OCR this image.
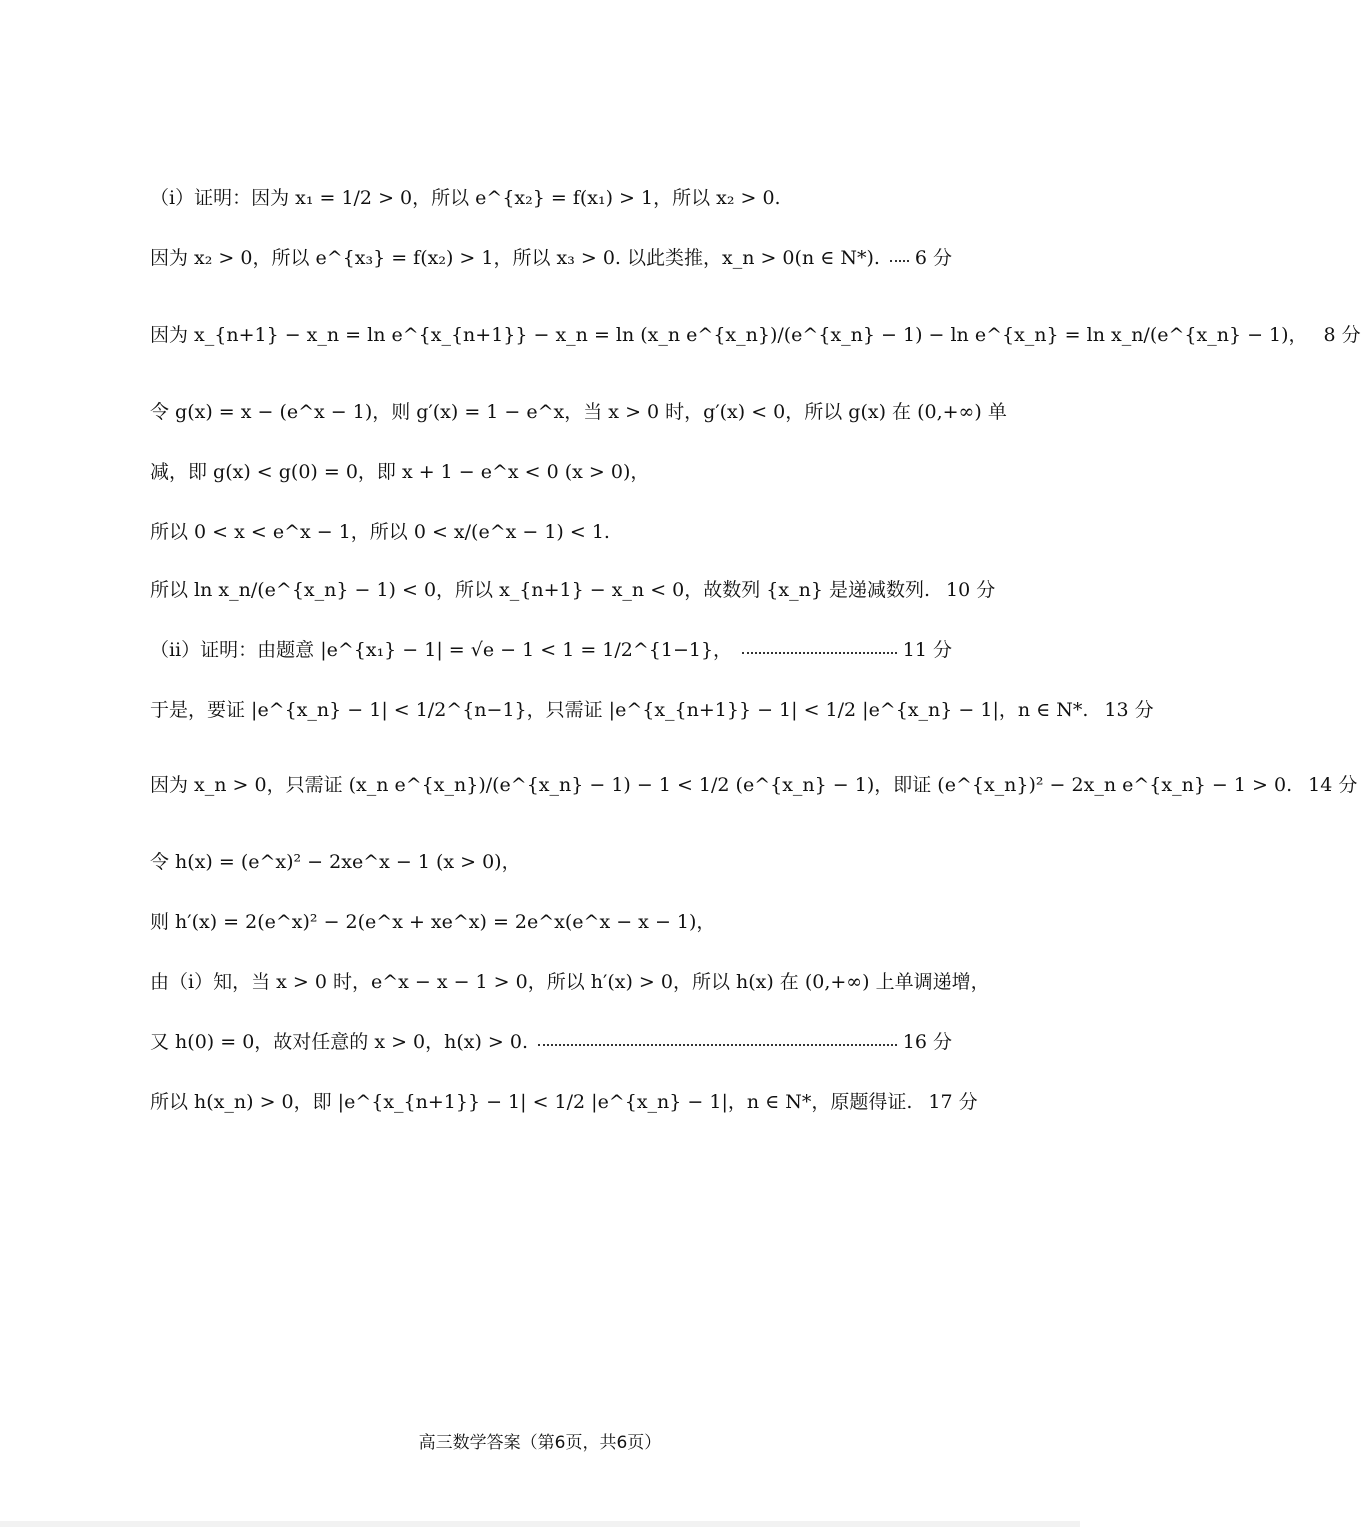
（ⅰ）证明：因为 x₁ = 1/2 > 0，所以 e^{x₂} = f(x₁) > 1，所以 x₂ > 0.
因为 x₂ > 0，所以 e^{x₃} = f(x₂) > 1，所以 x₃ > 0. 以此类推，x_n > 0(n ∈ N*). 6 分
因为 x_{n+1} − x_n = ln e^{x_{n+1}} − x_n = ln (x_n e^{x_n})/(e^{x_n} − 1) − ln e^{x_n} = ln x_n/(e^{x_n} − 1)， 8 分
令 g(x) = x − (e^x − 1)，则 g′(x) = 1 − e^x，当 x > 0 时，g′(x) < 0，所以 g(x) 在 (0,+∞) 单
减，即 g(x) < g(0) = 0，即 x + 1 − e^x < 0 (x > 0)，
所以 0 < x < e^x − 1，所以 0 < x/(e^x − 1) < 1.
所以 ln x_n/(e^{x_n} − 1) < 0，所以 x_{n+1} − x_n < 0，故数列 {x_n} 是递减数列. 10 分
（ⅱ）证明：由题意 |e^{x₁} − 1| = √e − 1 < 1 = 1/2^{1−1}，	11 分
于是，要证 |e^{x_n} − 1| < 1/2^{n−1}，只需证 |e^{x_{n+1}} − 1| < 1/2 |e^{x_n} − 1|，n ∈ N*. 13 分
因为 x_n > 0，只需证 (x_n e^{x_n})/(e^{x_n} − 1) − 1 < 1/2 (e^{x_n} − 1)，即证 (e^{x_n})² − 2x_n e^{x_n} − 1 > 0. 14 分
令 h(x) = (e^x)² − 2xe^x − 1 (x > 0)，
则 h′(x) = 2(e^x)² − 2(e^x + xe^x) = 2e^x(e^x − x − 1)，
由（ⅰ）知，当 x > 0 时，e^x − x − 1 > 0，所以 h′(x) > 0，所以 h(x) 在 (0,+∞) 上单调递增，
又 h(0) = 0，故对任意的 x > 0，h(x) > 0.	16 分
所以 h(x_n) > 0，即 |e^{x_{n+1}} − 1| < 1/2 |e^{x_n} − 1|，n ∈ N*，原题得证. 17 分
高三数学答案（第6页，共6页）
